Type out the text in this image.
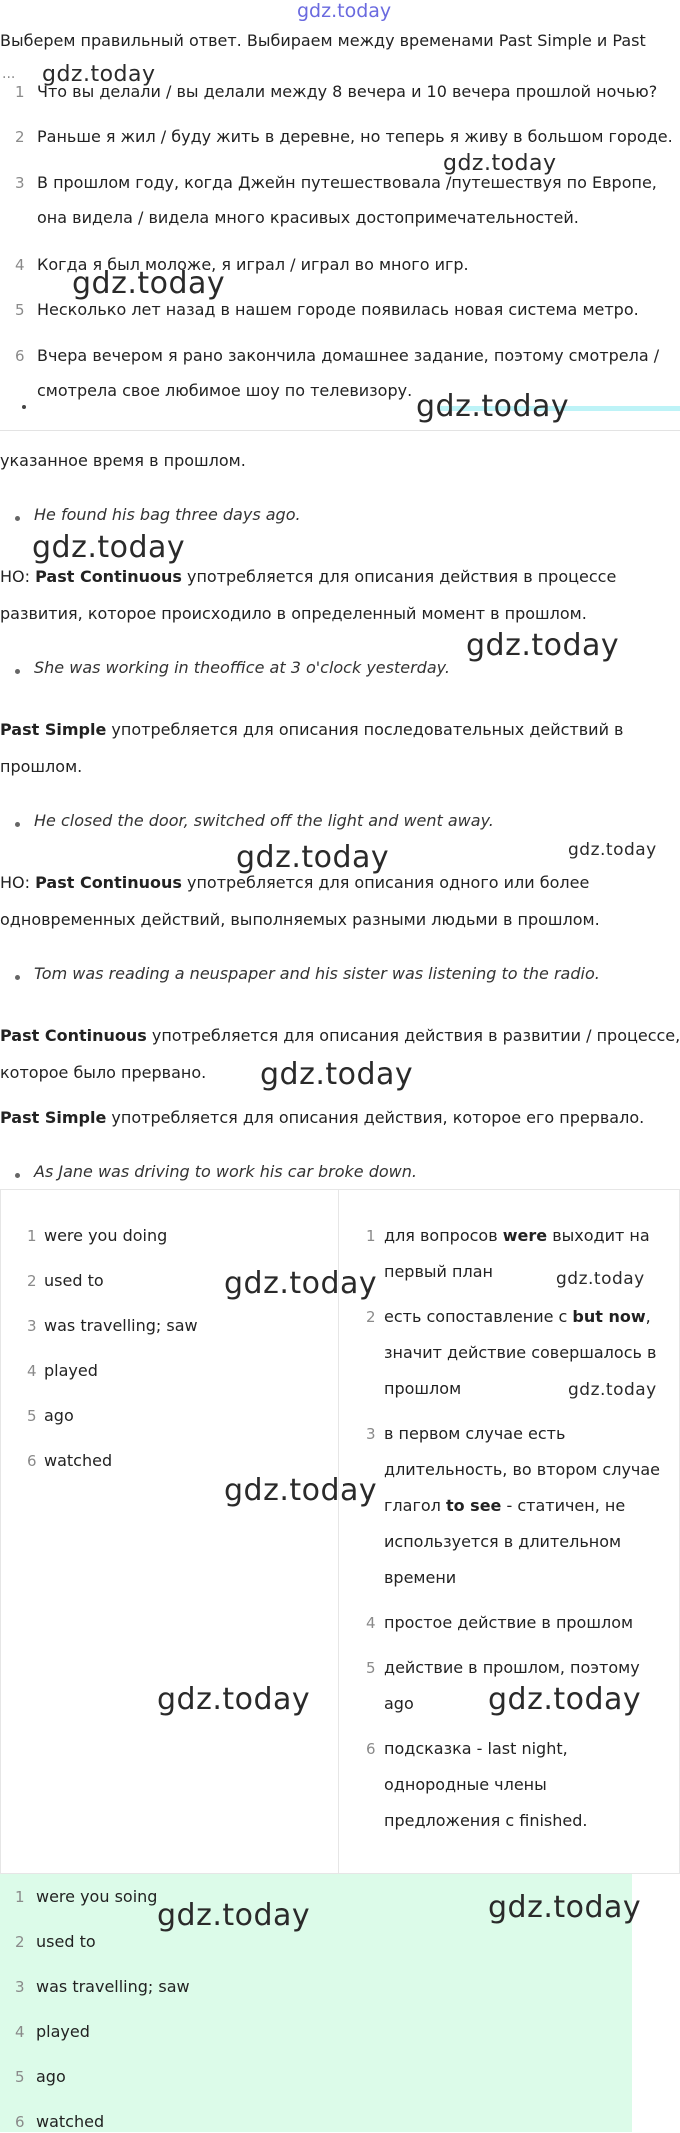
gdz.today
Выберем правильный ответ. Выбираем между временами Past Simple и Past
...
1 Что вы делали / вы делали между 8 вечера и 10 вечера прошлой ночью?
2 Раньше я жил / буду жить в деревне, но теперь я живу в большом городе.
3 В прошлом году, когда Джейн путешествовала /путешествуя по Европе,
она видела / видела много красивых достопримечательностей.
4 Когда я был моложе, я играл / играл во много игр.
5 Несколько лет назад в нашем городе появилась новая система метро.
6 Вчера вечером я рано закончила домашнее задание, поэтому смотрела /
смотрела свое любимое шоу по телевизору.
указанное время в прошлом.
He found his bag three days ago.
НО: Past Continuous употребляется для описания действия в процессе
развития, которое происходило в определенный момент в прошлом.
She was working in theoffice at 3 o'clock yesterday.
Past Simple употребляется для описания последовательных действий в
прошлом.
He closed the door, switched off the light and went away.
НО: Past Continuous употребляется для описания одного или более
одновременных действий, выполняемых разными людьми в прошлом.
Tom was reading a neuspaper and his sister was listening to the radio.
Past Continuous употребляется для описания действия в развитии / процессе,
которое было прервано.
Past Simple употребляется для описания действия, которое его прервало.
As Jane was driving to work his car broke down.
1 were you doing
2 used to
3 was travelling; saw
4 played
5 ago
6 watched
1 для вопросов were выходит на
первый план
2 есть сопоставление с but now,
значит действие совершалось в
прошлом
3 в первом случае есть
длительность, во втором случае
глагол to see - статичен, не
используется в длительном
времени
4 простое действие в прошлом
5 действие в прошлом, поэтому
ago
6 подсказка - last night,
однородные члены
предложения с finished.
1 were you soing
2 used to
3 was travelling; saw
4 played
5 ago
6 watched
gdz.today
gdz.today
gdz.today
gdz.today
gdz.today
gdz.today
gdz.today	gdz.today
gdz.today
gdz.today	gdz.today
gdz.today
gdz.today
gdz.today	gdz.today
gdz.today	gdz.today
